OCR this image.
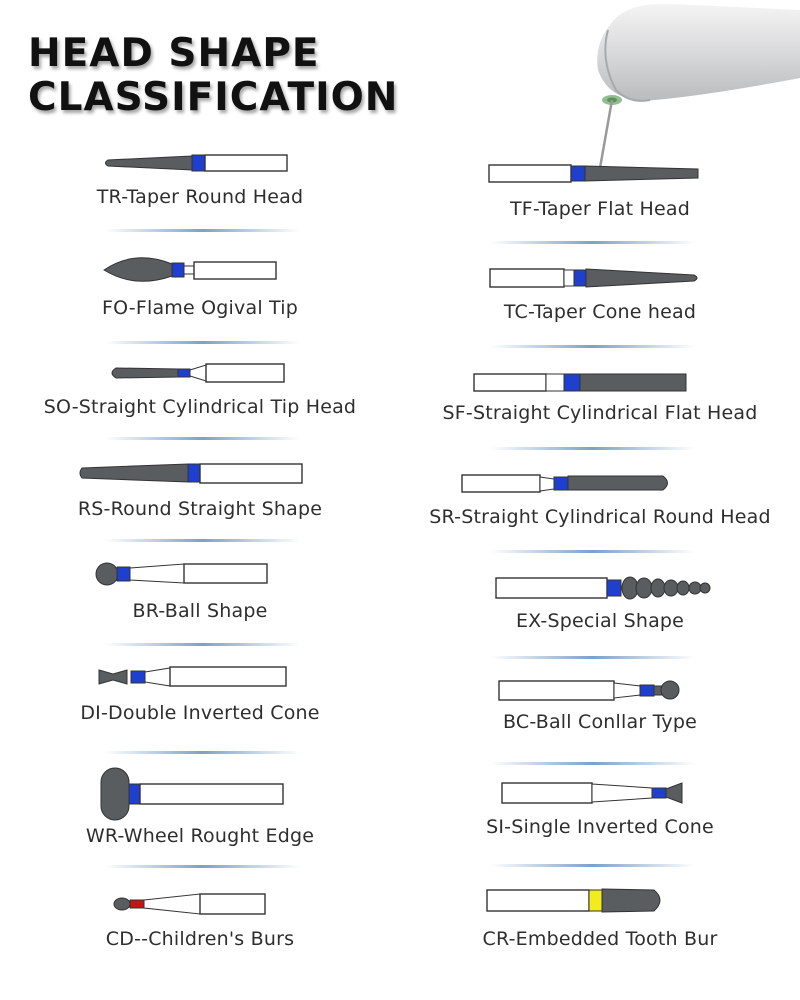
HEAD SHAPE
CLASSIFICATION
TR-Taper Round Head
FO-Flame Ogival Tip
SO-Straight Cylindrical Tip Head
RS-Round Straight Shape
BR-Ball Shape
DI-Double Inverted Cone
WR-Wheel Rought Edge
CD--Children's Burs
TF-Taper Flat Head
TC-Taper Cone head
SF-Straight Cylindrical Flat Head
SR-Straight Cylindrical Round Head
EX-Special Shape
BC-Ball Conllar Type
SI-Single Inverted Cone
CR-Embedded Tooth Bur
